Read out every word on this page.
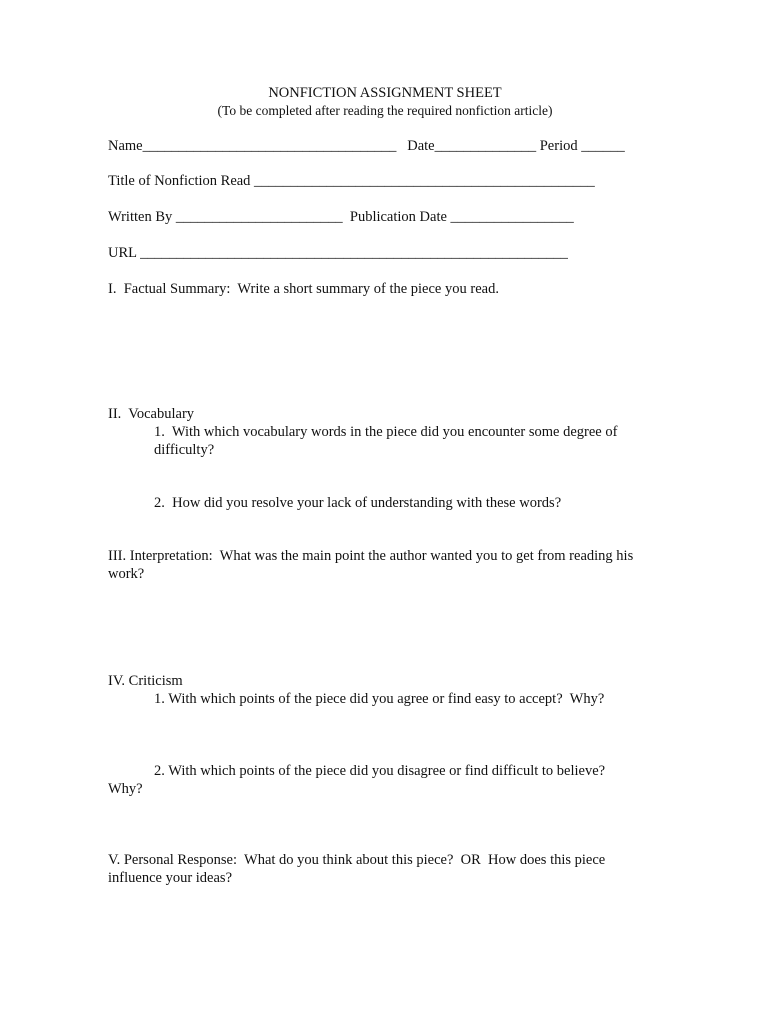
NONFICTION ASSIGNMENT SHEET
(To be completed after reading the required nonfiction article)
Name___________________________________   Date______________ Period ______
Title of Nonfiction Read _______________________________________________
Written By _______________________  Publication Date _________________
URL ___________________________________________________________
I.  Factual Summary:  Write a short summary of the piece you read.
II.  Vocabulary
1.  With which vocabulary words in the piece did you encounter some degree of
difficulty?
2.  How did you resolve your lack of understanding with these words?
III. Interpretation:  What was the main point the author wanted you to get from reading his
work?
IV. Criticism
1. With which points of the piece did you agree or find easy to accept?  Why?
2. With which points of the piece did you disagree or find difficult to believe?
Why?
V. Personal Response:  What do you think about this piece?  OR  How does this piece
influence your ideas?
